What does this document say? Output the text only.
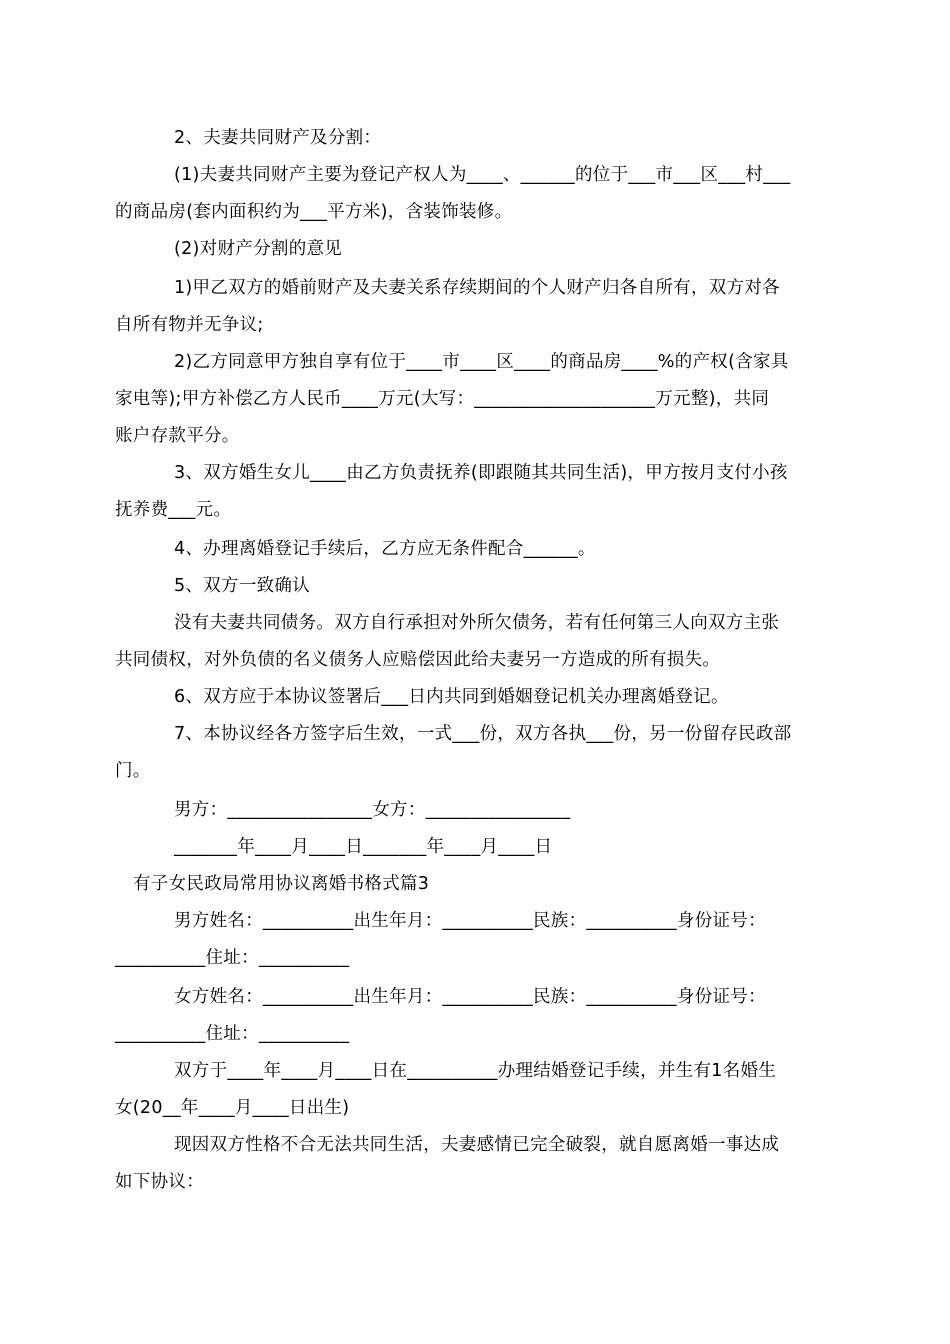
2、夫妻共同财产及分割：
(1)夫妻共同财产主要为登记产权人为____、______的位于___市___区___村___
的商品房(套内面积约为___平方米)，含装饰装修。
(2)对财产分割的意见
1)甲乙双方的婚前财产及夫妻关系存续期间的个人财产归各自所有，双方对各
自所有物并无争议;
2)乙方同意甲方独自享有位于____市____区____的商品房____%的产权(含家具
家电等);甲方补偿乙方人民币____万元(大写：____________________万元整)，共同
账户存款平分。
3、双方婚生女儿____由乙方负责抚养(即跟随其共同生活)，甲方按月支付小孩
抚养费___元。
4、办理离婚登记手续后，乙方应无条件配合______。
5、双方一致确认
没有夫妻共同债务。双方自行承担对外所欠债务，若有任何第三人向双方主张
共同债权，对外负债的名义债务人应赔偿因此给夫妻另一方造成的所有损失。
6、双方应于本协议签署后___日内共同到婚姻登记机关办理离婚登记。
7、本协议经各方签字后生效，一式___份，双方各执___份，另一份留存民政部
门。
男方：________________女方：________________
_______年____月____日_______年____月____日
有子女民政局常用协议离婚书格式篇3
男方姓名：__________出生年月：__________民族：__________身份证号：
__________住址：__________
女方姓名：__________出生年月：__________民族：__________身份证号：
__________住址：__________
双方于____年____月____日在__________办理结婚登记手续，并生有1名婚生
女(20__年____月____日出生)
现因双方性格不合无法共同生活，夫妻感情已完全破裂，就自愿离婚一事达成
如下协议：
